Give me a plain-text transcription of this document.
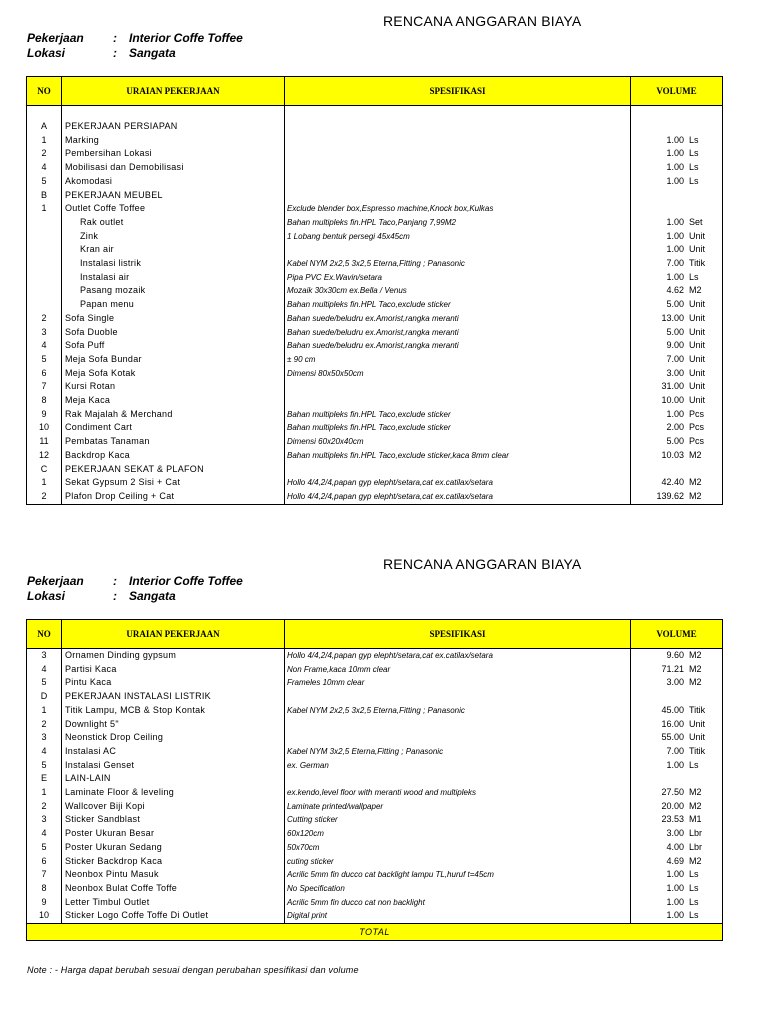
RENCANA ANGGARAN BIAYA
Pekerjaan : Interior Coffe Toffee
Lokasi	: Sangata
NO	URAIAN PEKERJAAN	SPESIFIKASI	VOLUME

A	PEKERJAAN PERSIAPAN		
1	Marking		1.00 Ls
2	Pembersihan Lokasi		1.00 Ls
4	Mobilisasi dan Demobilisasi		1.00 Ls
5	Akomodasi		1.00 Ls
B	PEKERJAAN MEUBEL		
1	Outlet Coffe Toffee	Exclude blender box,Espresso machine,Knock box,Kulkas	
	Rak outlet	Bahan multipleks fin.HPL Taco,Panjang 7,99M2	1.00 Set
	Zink	1 Lobang bentuk persegi 45x45cm	1.00 Unit
	Kran air		1.00 Unit
	Instalasi listrik	Kabel NYM 2x2,5 3x2,5 Eterna,Fitting ; Panasonic	7.00 Titik
	Instalasi air	Pipa PVC Ex.Wavin/setara	1.00 Ls
	Pasang mozaik	Mozaik 30x30cm ex.Bella / Venus	4.62 M2
	Papan menu	Bahan multipleks fin.HPL Taco,exclude sticker	5.00 Unit
2	Sofa Single	Bahan suede/beludru ex.Amorist,rangka meranti	13.00 Unit
3	Sofa Duoble	Bahan suede/beludru ex.Amorist,rangka meranti	5.00 Unit
4	Sofa Puff	Bahan suede/beludru ex.Amorist,rangka meranti	9.00 Unit
5	Meja Sofa Bundar	± 90 cm	7.00 Unit
6	Meja Sofa Kotak	Dimensi 80x50x50cm	3.00 Unit
7	Kursi Rotan		31.00 Unit
8	Meja Kaca		10.00 Unit
9	Rak Majalah & Merchand	Bahan multipleks fin.HPL Taco,exclude sticker	1.00 Pcs
10	Condiment Cart	Bahan multipleks fin.HPL Taco,exclude sticker	2.00 Pcs
11	Pembatas Tanaman	Dimensi 60x20x40cm	5.00 Pcs
12	Backdrop Kaca	Bahan multipleks fin.HPL Taco,exclude sticker,kaca 8mm clear	10.03 M2
C	PEKERJAAN SEKAT & PLAFON		
1	Sekat Gypsum 2 Sisi + Cat	Hollo 4/4,2/4,papan gyp elepht/setara,cat ex.catilax/setara	42.40 M2
2	Plafon Drop Ceiling + Cat	Hollo 4/4,2/4,papan gyp elepht/setara,cat ex.catilax/setara	139.62 M2
RENCANA ANGGARAN BIAYA
Pekerjaan : Interior Coffe Toffee
Lokasi	: Sangata
NO	URAIAN PEKERJAAN	SPESIFIKASI	VOLUME
3	Ornamen Dinding gypsum	Hollo 4/4,2/4,papan gyp elepht/setara,cat ex.catilax/setara	9.60 M2
4	Partisi Kaca	Non Frame,kaca 10mm clear	71.21 M2
5	Pintu Kaca	Frameles 10mm clear	3.00 M2
D	PEKERJAAN INSTALASI LISTRIK		
1	Titik Lampu, MCB & Stop Kontak	Kabel NYM 2x2,5 3x2,5 Eterna,Fitting ; Panasonic	45.00 Titik
2	Downlight 5"		16.00 Unit
3	Neonstick Drop Ceiling		55.00 Unit
4	Instalasi AC	Kabel NYM 3x2,5 Eterna,Fitting ; Panasonic	7.00 Titik
5	Instalasi Genset	ex. German	1.00 Ls
E	LAIN-LAIN		
1	Laminate Floor & leveling	ex.kendo,level floor with meranti wood and multipleks	27.50 M2
2	Wallcover Biji Kopi	Laminate printed/wallpaper	20.00 M2
3	Sticker Sandblast	Cutting sticker	23.53 M1
4	Poster Ukuran Besar	60x120cm	3.00 Lbr
5	Poster Ukuran Sedang	50x70cm	4.00 Lbr
6	Sticker Backdrop Kaca	cuting sticker	4.69 M2
7	Neonbox Pintu Masuk	Acrilic 5mm fin ducco cat backlight lampu TL,huruf t=45cm	1.00 Ls
8	Neonbox Bulat Coffe Toffe	No Specification	1.00 Ls
9	Letter Timbul Outlet	Acrilic 5mm fin ducco cat non backlight	1.00 Ls
10	Sticker Logo Coffe Toffe Di Outlet	Digital print	1.00 Ls
TOTAL			
Note : - Harga dapat berubah sesuai dengan perubahan spesifikasi dan volume
